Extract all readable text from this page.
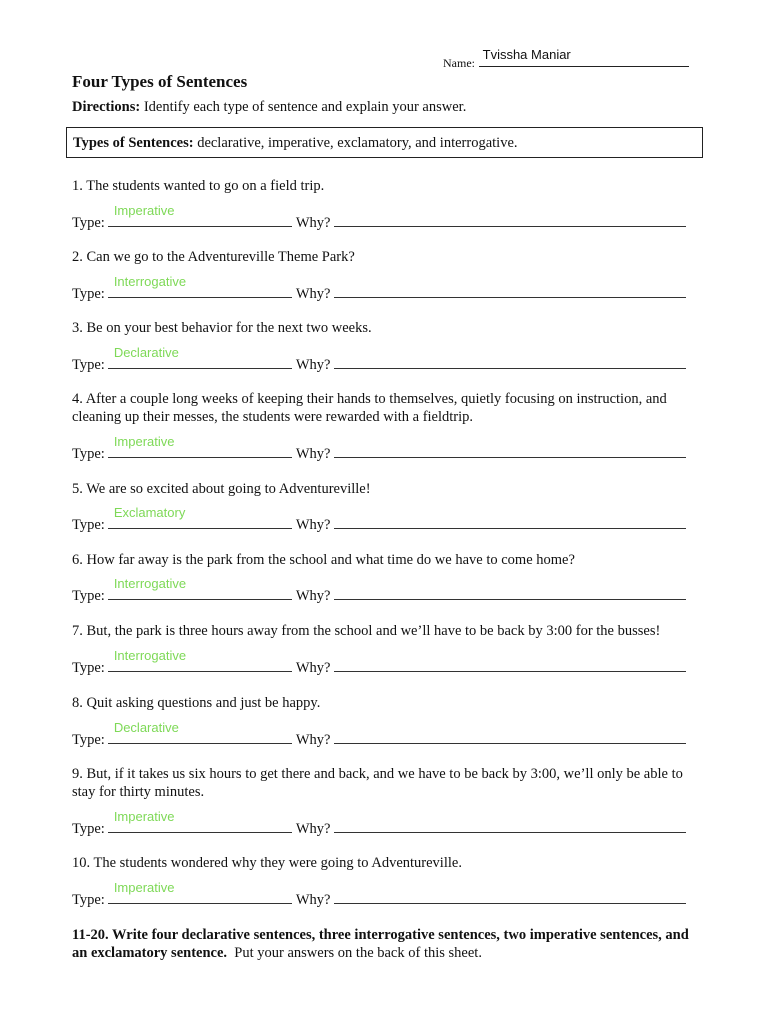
Name:
Tvissha Maniar
Four Types of Sentences
Directions: Identify each type of sentence and explain your answer.
Types of Sentences: declarative, imperative, exclamatory, and interrogative.
1. The students wanted to go on a field trip.
Type:
Imperative
Why?
2. Can we go to the Adventureville Theme Park?
Type:
Interrogative
Why?
3. Be on your best behavior for the next two weeks.
Type:
Declarative
Why?
4. After a couple long weeks of keeping their hands to themselves, quietly focusing on instruction, and cleaning up their messes, the students were rewarded with a fieldtrip.
Type:
Imperative
Why?
5. We are so excited about going to Adventureville!
Type:
Exclamatory
Why?
6. How far away is the park from the school and what time do we have to come home?
Type:
Interrogative
Why?
7. But, the park is three hours away from the school and we’ll have to be back by 3:00 for the busses!
Type:
Interrogative
Why?
8. Quit asking questions and just be happy.
Type:
Declarative
Why?
9. But, if it takes us six hours to get there and back, and we have to be back by 3:00, we’ll only be able to stay for thirty minutes.
Type:
Imperative
Why?
10. The students wondered why they were going to Adventureville.
Type:
Imperative
Why?
11-20. Write four declarative sentences, three interrogative sentences, two imperative sentences, and an exclamatory sentence.  Put your answers on the back of this sheet.
